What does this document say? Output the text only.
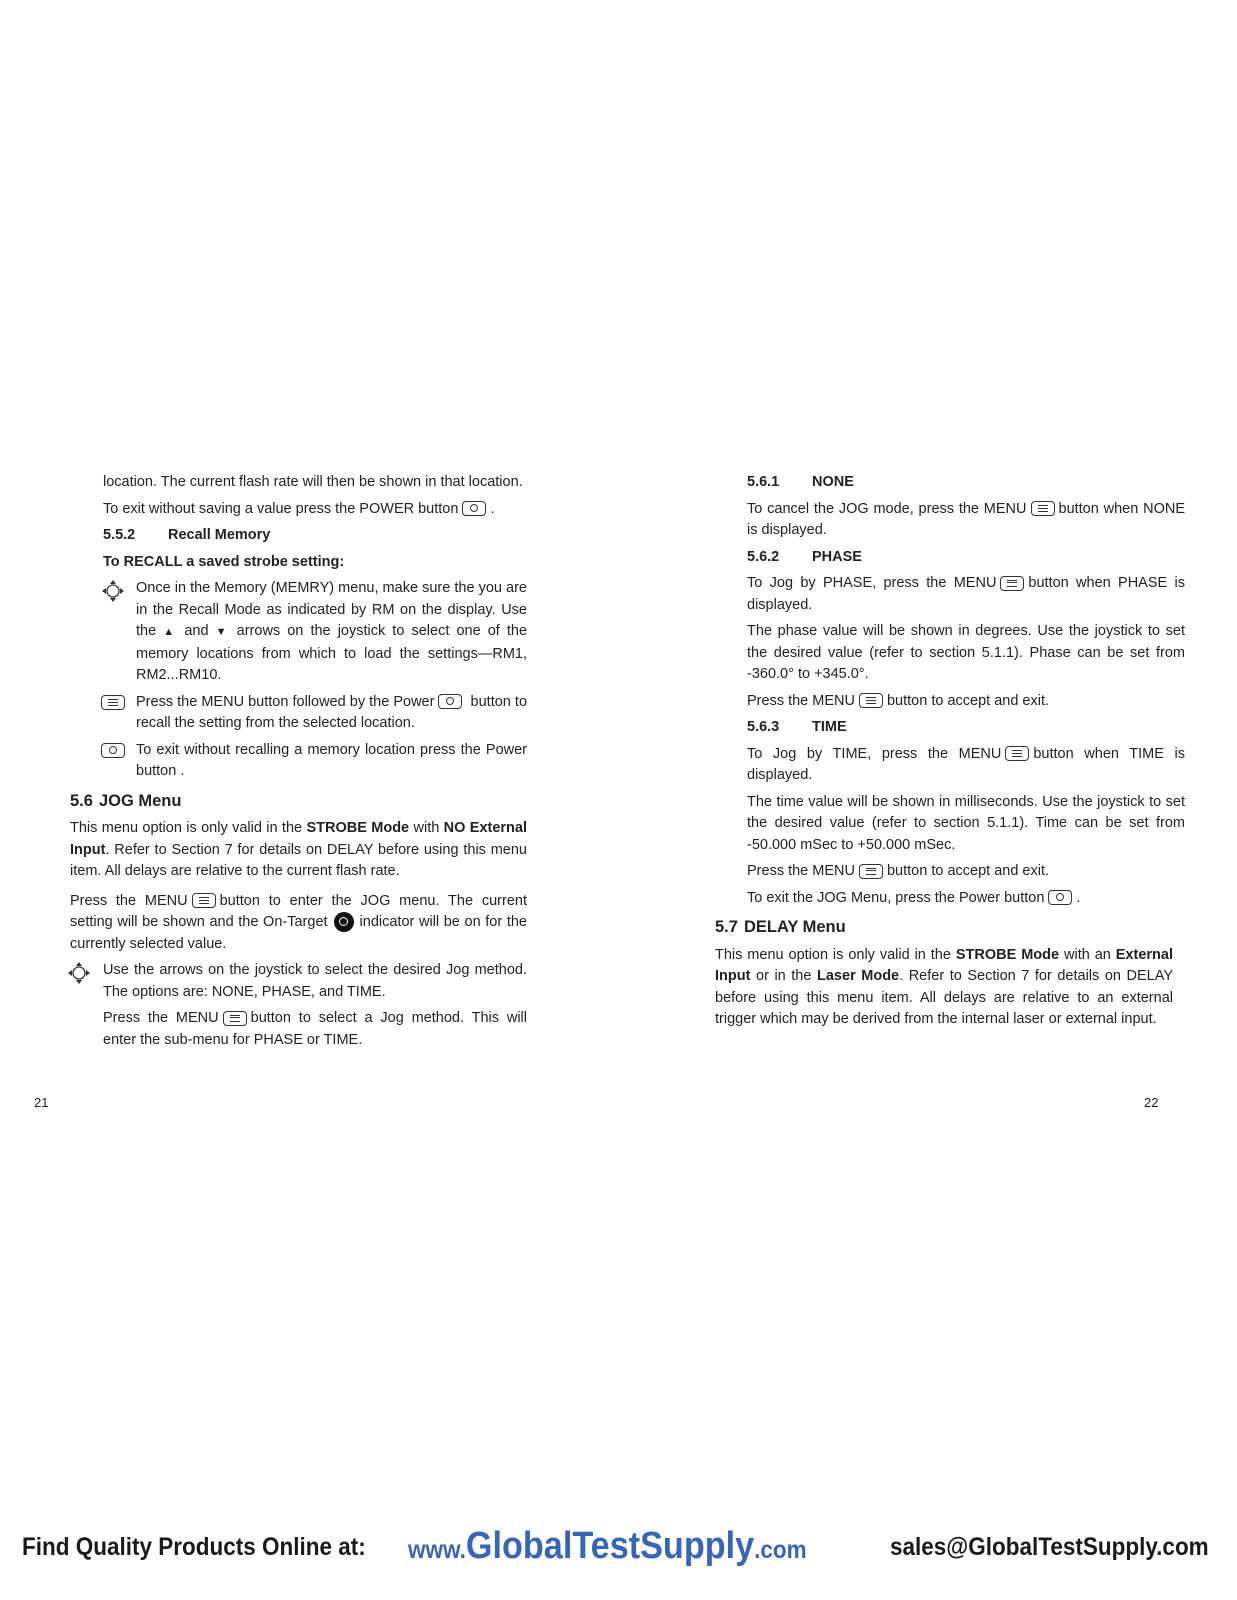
location. The current flash rate will then be shown in that location.

To exit without saving a value press the POWER button .

5.5.2 Recall Memory
To RECALL a saved strobe setting:
Once in the Memory (MEMRY) menu, make sure the you are in the Recall Mode as indicated by RM on the display. Use the ▲ and ▼ arrows on the joystick to select one of the memory locations from which to load the settings—RM1, RM2...RM10.
Press the MENU button followed by the Power button to recall the setting from the selected location.
To exit without recalling a memory location press the Power button .
5.6 JOG Menu

This menu option is only valid in the STROBE Mode with NO External Input. Refer to Section 7 for details on DELAY before using this menu item. All delays are relative to the current flash rate.

Press the MENU button to enter the JOG menu. The current setting will be shown and the On-Target indicator will be on for the currently selected value.

Use the arrows on the joystick to select the desired Jog method. The options are: NONE, PHASE, and TIME.

Press the MENU button to select a Jog method. This will enter the sub-menu for PHASE or TIME.

5.6.1 NONE

To cancel the JOG mode, press the MENU button when NONE is displayed.

5.6.2 PHASE

To Jog by PHASE, press the MENU button when PHASE is displayed.

The phase value will be shown in degrees. Use the joystick to set the desired value (refer to section 5.1.1). Phase can be set from -360.0° to +345.0°.

Press the MENU button to accept and exit.

5.6.3 TIME

To Jog by TIME, press the MENU button when TIME is displayed.

The time value will be shown in milliseconds. Use the joystick to set the desired value (refer to section 5.1.1). Time can be set from -50.000 mSec to +50.000 mSec.

Press the MENU button to accept and exit.

To exit the JOG Menu, press the Power button .

5.7 DELAY Menu

This menu option is only valid in the STROBE Mode with an External Input or in the Laser Mode. Refer to Section 7 for details on DELAY before using this menu item. All delays are relative to an external trigger which may be derived from the internal laser or external input.

21	22
Find Quality Products Online at: www.GlobalTestSupply.com	sales@GlobalTestSupply.com
